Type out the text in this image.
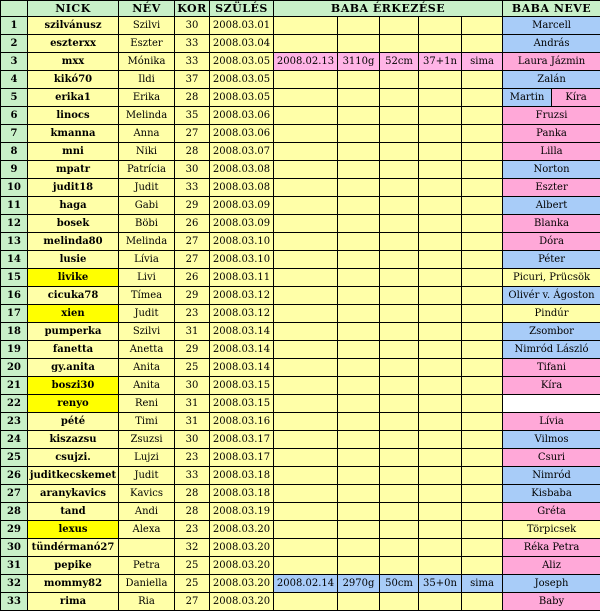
	NICK	NÉV	KOR	SZÜLÉS	BABA ÉRKEZÉSE					BABA NEVE
1	szilvánusz	Szilvi	30	2008.03.01						Marcell
2	eszterxx	Eszter	33	2008.03.04						András
3	mxx	Mónika	33	2008.03.05	2008.02.13	3110g	52cm	37+1n	sima	Laura Jázmin
4	kikó70	Ildi	37	2008.03.05						Zalán
5	erika1	Erika	28	2008.03.05						Martin Kíra

6	linocs	Melinda	35	2008.03.06						Fruzsi
7	kmanna	Anna	27	2008.03.06						Panka
8	mni	Niki	28	2008.03.07						Lilla
9	mpatr	Patrícia	30	2008.03.08						Norton
10	judit18	Judit	33	2008.03.08						Eszter
11	haga	Gabi	29	2008.03.09						Albert
12	bosek	Böbi	26	2008.03.09						Blanka
13	melinda80	Melinda	27	2008.03.10						Dóra
14	lusie	Lívia	27	2008.03.10						Péter
15	livike	Livi	26	2008.03.11						Picuri, Prücsök
16	cicuka78	Tímea	29	2008.03.12						Olivér v. Ágoston
17	xien	Judit	23	2008.03.12						Pindúr
18	pumperka	Szilvi	31	2008.03.14						Zsombor
19	fanetta	Anetta	29	2008.03.14						Nimród László
20	gy.anita	Anita	25	2008.03.14						Tifani
21	boszi30	Anita	30	2008.03.15						Kíra
22	renyo	Reni	31	2008.03.15						
23	pété	Timi	31	2008.03.16						Lívia
24	kiszazsu	Zsuzsi	30	2008.03.17						Vilmos
25	csujzi.	Lujzi	23	2008.03.17						Csuri
26	juditkecskemet	Judit	33	2008.03.18						Nimród
27	aranykavics	Kavics	28	2008.03.18						Kisbaba
28	tand	Andi	28	2008.03.19						Gréta
29	lexus	Alexa	23	2008.03.20						Törpicsek
30	tündérmanó27		32	2008.03.20						Réka Petra
31	pepike	Petra	25	2008.03.20						Aliz
32	mommy82	Daniella	25	2008.03.20	2008.02.14	2970g	50cm	35+0n	sima	Joseph
33	rima	Ria	27	2008.03.20						Baby
